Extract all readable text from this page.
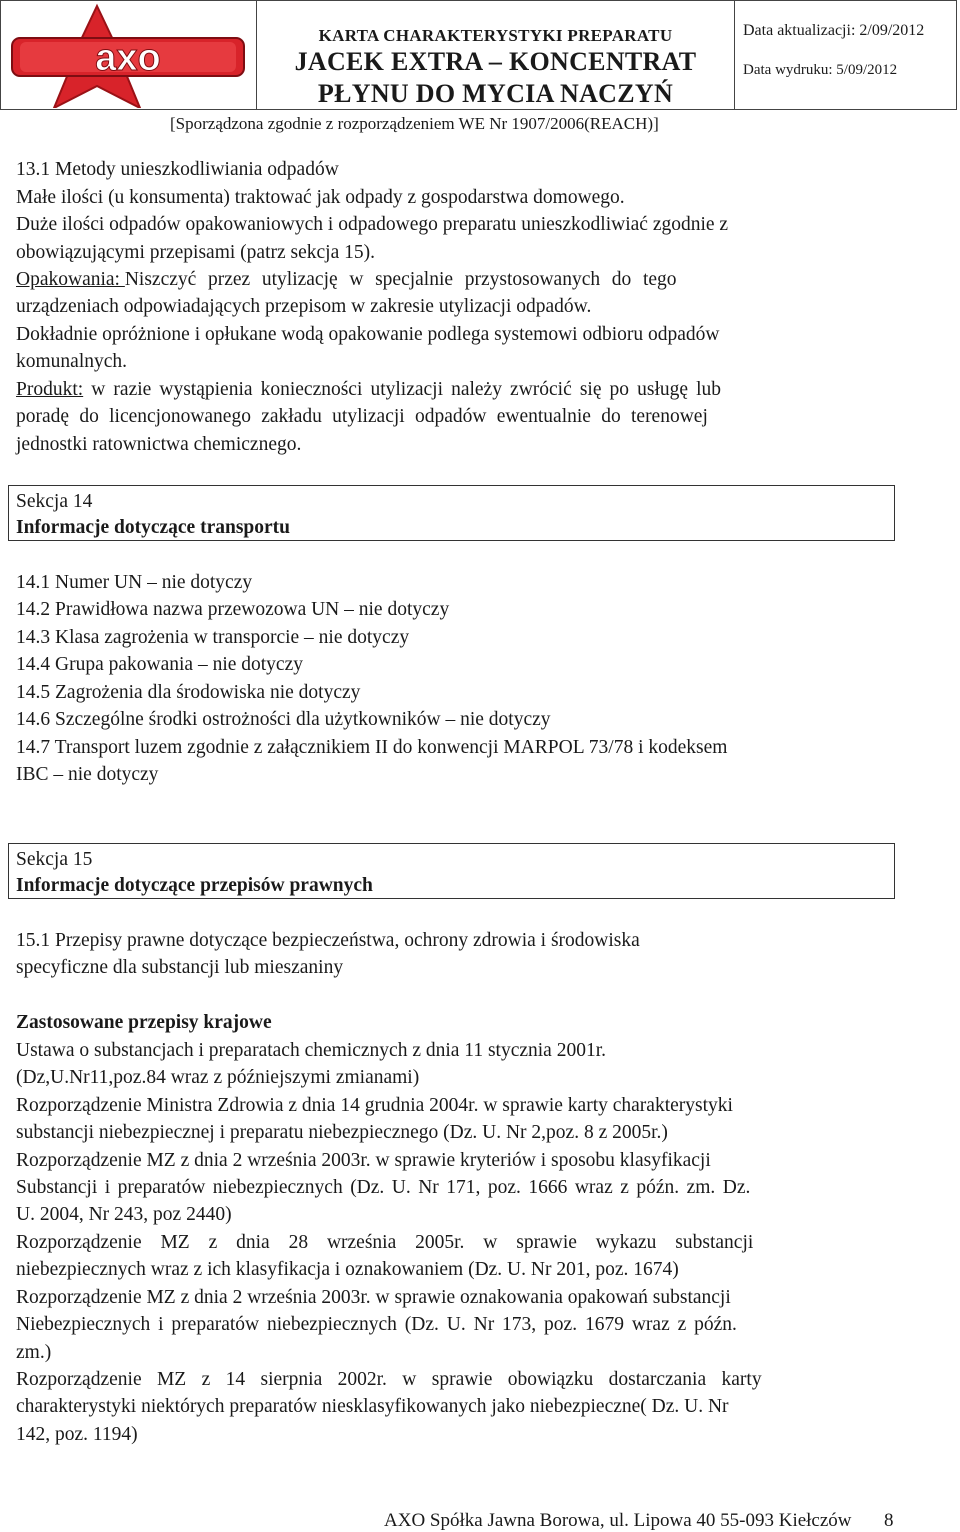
axo
KARTA CHARAKTERYSTYKI PREPARATU
JACEK EXTRA – KONCENTRAT
PŁYNU DO MYCIA NACZYŃ
Data aktualizacji: 2/09/2012
Data wydruku: 5/09/2012
[Sporządzona zgodnie z rozporządzeniem WE Nr 1907/2006(REACH)]
13.1 Metody unieszkodliwiania odpadów
Małe ilości (u konsumenta) traktować jak odpady z gospodarstwa domowego.
Duże ilości odpadów opakowaniowych i odpadowego preparatu unieszkodliwiać zgodnie z
obowiązującymi przepisami (patrz sekcja 15).
Opakowania: Niszczyć przez utylizację w specjalnie przystosowanych do tego
urządzeniach odpowiadających przepisom w zakresie utylizacji odpadów.
Dokładnie opróżnione i opłukane wodą opakowanie podlega systemowi odbioru odpadów
komunalnych.
Produkt: w razie wystąpienia konieczności utylizacji należy zwrócić się po usługę lub
poradę do licencjonowanego zakładu utylizacji odpadów ewentualnie do terenowej
jednostki ratownictwa chemicznego.
Sekcja 14
Informacje dotyczące transportu
14.1 Numer UN – nie dotyczy
14.2 Prawidłowa nazwa przewozowa UN – nie dotyczy
14.3 Klasa zagrożenia w transporcie – nie dotyczy
14.4 Grupa pakowania – nie dotyczy
14.5 Zagrożenia dla środowiska nie dotyczy
14.6 Szczególne środki ostrożności dla użytkowników – nie dotyczy
14.7 Transport luzem zgodnie z załącznikiem II do konwencji MARPOL 73/78 i kodeksem
IBC – nie dotyczy
Sekcja 15
Informacje dotyczące przepisów prawnych
15.1 Przepisy prawne dotyczące bezpieczeństwa, ochrony zdrowia i środowiska
specyficzne dla substancji lub mieszaniny
Zastosowane przepisy krajowe
Ustawa o substancjach i preparatach chemicznych z dnia 11 stycznia 2001r.
(Dz,U.Nr11,poz.84 wraz z późniejszymi zmianami)
Rozporządzenie Ministra Zdrowia z dnia 14 grudnia 2004r. w sprawie karty charakterystyki
substancji niebezpiecznej i preparatu niebezpiecznego (Dz. U. Nr 2,poz. 8 z 2005r.)
Rozporządzenie MZ z dnia 2 września 2003r. w sprawie kryteriów i sposobu klasyfikacji
Substancji i preparatów niebezpiecznych (Dz. U. Nr 171, poz. 1666 wraz z późn. zm. Dz.
U. 2004, Nr 243, poz 2440)
Rozporządzenie MZ z dnia 28 września 2005r. w sprawie wykazu substancji
niebezpiecznych wraz z ich klasyfikacja i oznakowaniem (Dz. U. Nr 201, poz. 1674)
Rozporządzenie MZ z dnia 2 września 2003r. w sprawie oznakowania opakowań substancji
Niebezpiecznych i preparatów niebezpiecznych (Dz. U. Nr 173, poz. 1679 wraz z późn.
zm.)
Rozporządzenie MZ z 14 sierpnia 2002r. w sprawie obowiązku dostarczania karty
charakterystyki niektórych preparatów niesklasyfikowanych jako niebezpieczne( Dz. U. Nr
142, poz. 1194)
AXO Spółka Jawna Borowa, ul. Lipowa 40 55-093 Kiełczów 8
